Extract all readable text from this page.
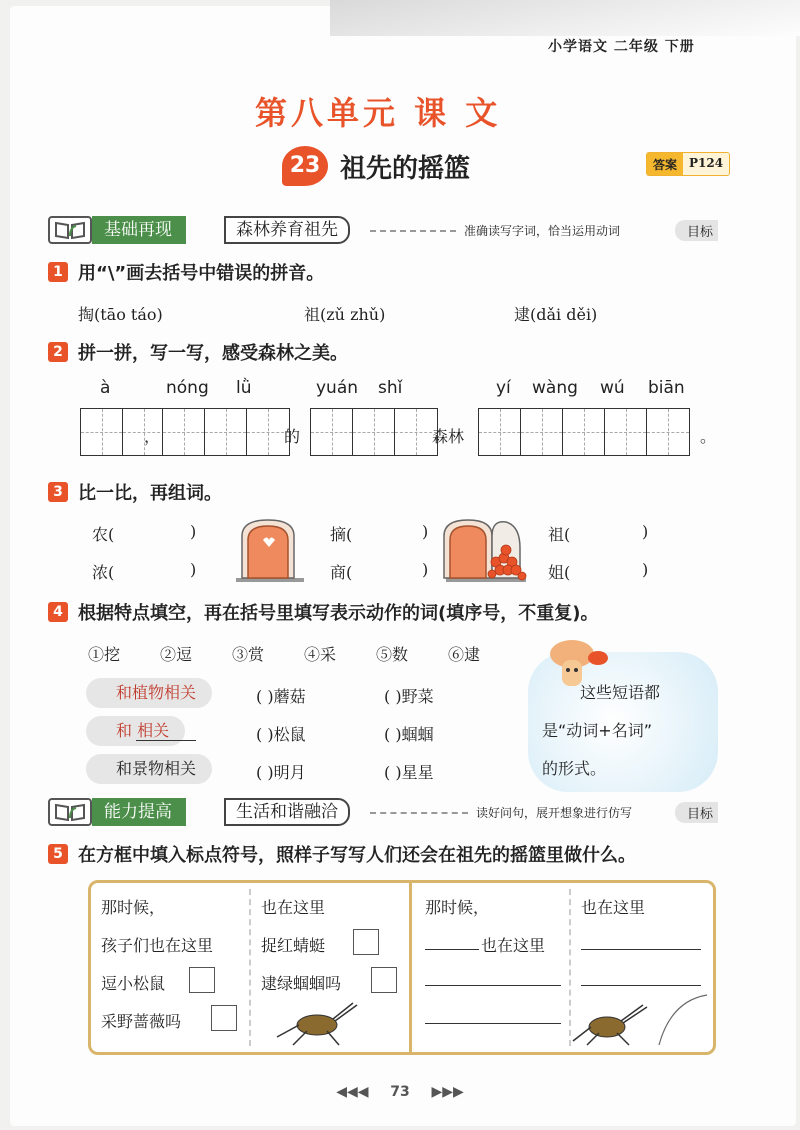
小学语文 二年级 下册
第八单元 课 文
23 祖先的摇篮	答案	P124
基础再现	森林养育祖先	准确读写字词，恰当运用动词	目标
1 用“\”画去括号中错误的拼音。
掏(tāo táo)	祖(zǔ zhǔ)	逮(dǎi děi)
2 拼一拼，写一写，感受森林之美。
à	nóng lǜ	yuán shǐ	yí wàng wú biān
，	的	森林	。
3 比一比，再组词。
农(	)
浓(	)
摘(	)
商(	)
祖(	)
姐(	)
4 根据特点填空，再在括号里填写表示动作的词(填序号，不重复)。
①挖 ②逗 ③赏 ④采 ⑤数 ⑥逮
这些短语都
是“动词+名词”
的形式。
和植物相关	( )蘑菇	( )野菜
和 相关	( )松鼠	( )蝈蝈
和景物相关	( )明月	( )星星
能力提高	生活和谐融洽	读好问句，展开想象进行仿写	目标
5 在方框中填入标点符号，照样子写写人们还会在祖先的摇篮里做什么。
那时候，
孩子们也在这里
逗小松鼠
采野蔷薇吗
也在这里
捉红蜻蜓
逮绿蝈蝈吗
那时候，
也在这里
也在这里
◀◀◀ 73 ▶▶▶
